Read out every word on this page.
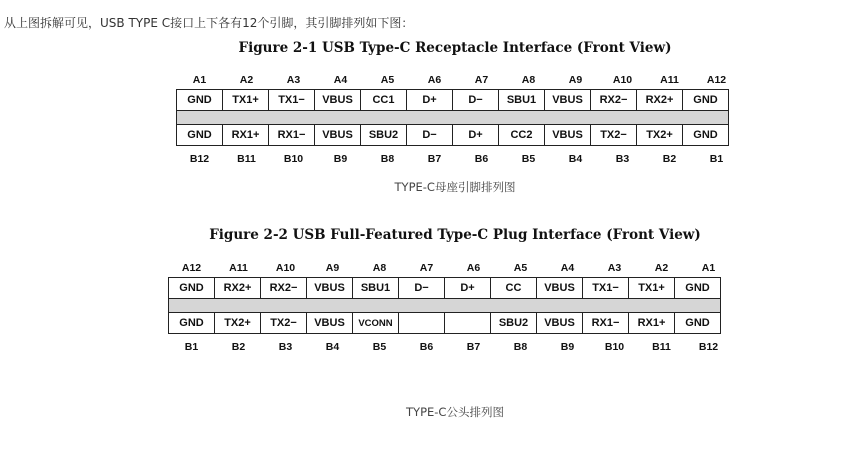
从上图拆解可见，USB TYPE C接口上下各有12个引脚，其引脚排列如下图：
Figure 2-1 USB Type-C Receptacle Interface (Front View)
A1	A2	A3	A4	A5	A6	A7	A8	A9	A10	A11	A12
GND	TX1+	TX1−	VBUS	CC1	D+	D−	SBU1	VBUS	RX2−	RX2+	GND

GND	RX1+	RX1−	VBUS	SBU2	D−	D+	CC2	VBUS	TX2−	TX2+	GND
B12	B11	B10	B9	B8	B7	B6	B5	B4	B3	B2	B1
TYPE-C母座引脚排列图
Figure 2-2 USB Full-Featured Type-C Plug Interface (Front View)
A12	A11	A10	A9	A8	A7	A6	A5	A4	A3	A2	A1
GND	RX2+	RX2−	VBUS	SBU1	D−	D+	CC	VBUS	TX1−	TX1+	GND

GND	TX2+	TX2−	VBUS	VCONN			SBU2	VBUS	RX1−	RX1+	GND
B1	B2	B3	B4	B5	B6	B7	B8	B9	B10	B11	B12
TYPE-C公头排列图
